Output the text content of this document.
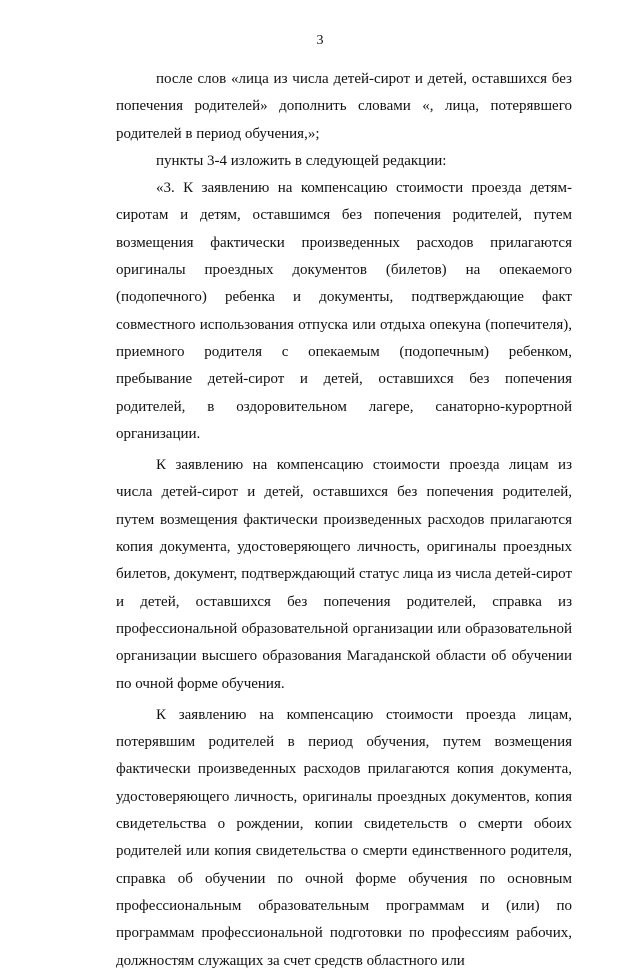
3

после слов «лица из числа детей-сирот и детей, оставшихся без попечения родителей» дополнить словами «, лица, потерявшего родителей в период обучения,»;

пункты 3-4 изложить в следующей редакции:

«3. К заявлению на компенсацию стоимости проезда детям-сиротам и детям, оставшимся без попечения родителей, путем возмещения фактически произведенных расходов прилагаются оригиналы проездных документов (билетов) на опекаемого (подопечного) ребенка и документы, подтверждающие факт совместного использования отпуска или отдыха опекуна (попечителя), приемного родителя с опекаемым (подопечным) ребенком, пребывание детей-сирот и детей, оставшихся без попечения родителей, в оздоровительном лагере, санаторно-курортной организации.

К заявлению на компенсацию стоимости проезда лицам из числа детей-сирот и детей, оставшихся без попечения родителей, путем возмещения фактически произведенных расходов прилагаются копия документа, удостоверяющего личность, оригиналы проездных билетов, документ, подтверждающий статус лица из числа детей-сирот и детей, оставшихся без попечения родителей, справка из профессиональной образовательной организации или образовательной организации высшего образования Магаданской области об обучении по очной форме обучения.

К заявлению на компенсацию стоимости проезда лицам, потерявшим родителей в период обучения, путем возмещения фактически произведенных расходов прилагаются копия документа, удостоверяющего личность, оригиналы проездных документов, копия свидетельства о рождении, копии свидетельств о смерти обоих родителей или копия свидетельства о смерти единственного родителя, справка об обучении по очной форме обучения по основным профессиональным образовательным программам и (или) по программам профессиональной подготовки по профессиям рабочих, должностям служащих за счет средств областного или
